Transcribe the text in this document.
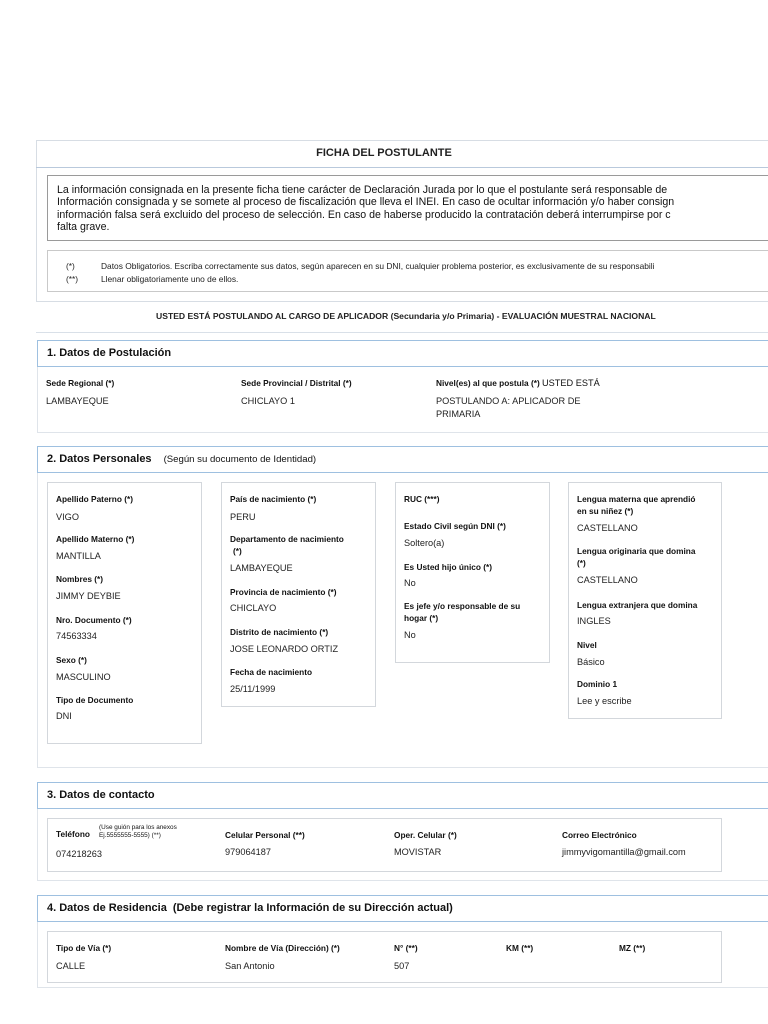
FICHA DEL POSTULANTE
La información consignada en la presente ficha tiene carácter de Declaración Jurada por lo que el postulante será responsable de
Información consignada y se somete al proceso de fiscalización que lleva el INEI. En caso de ocultar información y/o haber consign
información falsa será excluido del proceso de selección. En caso de haberse producido la contratación deberá interrumpirse por c
falta grave.
(*)	Datos Obligatorios. Escriba correctamente sus datos, según aparecen en su DNI, cualquier problema posterior, es exclusivamente de su responsabili
(**)	Llenar obligatoriamente uno de ellos.
USTED ESTÁ POSTULANDO AL CARGO DE APLICADOR (Secundaria y/o Primaria) - EVALUACIÓN MUESTRAL NACIONAL
1. Datos de Postulación
Sede Regional (*)
LAMBAYEQUE
Sede Provincial / Distrital (*)
CHICLAYO 1
Nivel(es) al que postula (*) USTED ESTÁ
POSTULANDO A: APLICADOR DE
PRIMARIA
2. Datos Personales (Según su documento de Identidad)
Apellido Paterno (*)
VIGO
Apellido Materno (*)
MANTILLA
Nombres (*)
JIMMY DEYBIE
Nro. Documento (*)
74563334
Sexo (*)
MASCULINO
Tipo de Documento
DNI
País de nacimiento (*)
PERU
Departamento de nacimiento
(*)
LAMBAYEQUE
Provincia de nacimiento (*)
CHICLAYO
Distrito de nacimiento (*)
JOSE LEONARDO ORTIZ
Fecha de nacimiento
25/11/1999
RUC (***)
Estado Civil según DNI (*)
Soltero(a)
Es Usted hijo único (*)
No
Es jefe y/o responsable de su
hogar (*)
No
Lengua materna que aprendió
en su niñez (*)
CASTELLANO
Lengua originaria que domina
(*)
CASTELLANO
Lengua extranjera que domina
INGLES
Nivel
Básico
Dominio 1
Lee y escribe
3. Datos de contacto
Teléfono
(Use guión para los anexos
Ej.5555555-5555) (**)
074218263
Celular Personal (**)
979064187
Oper. Celular (*)
MOVISTAR
Correo Electrónico
jimmyvigomantilla@gmail.com
4. Datos de Residencia (Debe registrar la Información de su Dirección actual)
Tipo de Vía (*)
CALLE
Nombre de Vía (Dirección) (*)
San Antonio
N° (**)
507
KM (**)	MZ (**)
